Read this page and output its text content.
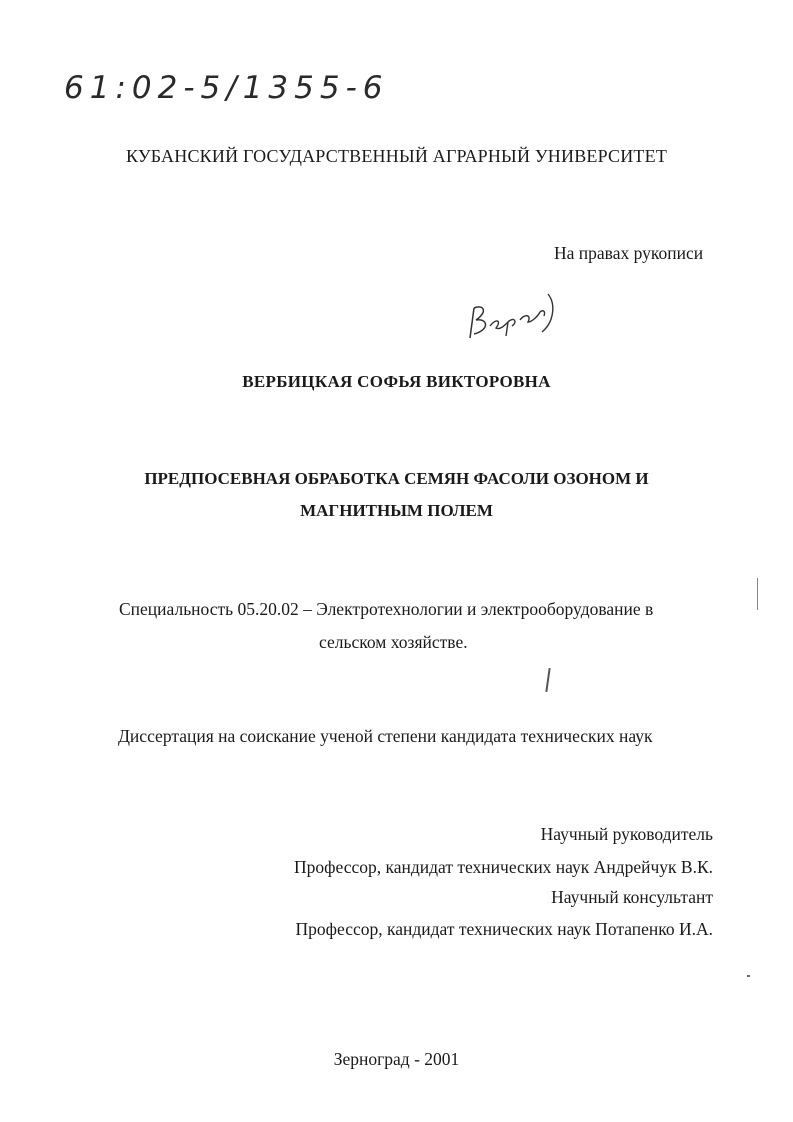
61:02-5/1355-6
КУБАНСКИЙ ГОСУДАРСТВЕННЫЙ АГРАРНЫЙ УНИВЕРСИТЕТ
На правах рукописи
ВЕРБИЦКАЯ СОФЬЯ ВИКТОРОВНА
ПРЕДПОСЕВНАЯ ОБРАБОТКА СЕМЯН ФАСОЛИ ОЗОНОМ И
МАГНИТНЫМ ПОЛЕМ
Специальность 05.20.02 – Электротехнологии и электрооборудование в
сельском хозяйстве.
Диссертация на соискание ученой степени кандидата технических наук
Научный руководитель
Профессор, кандидат технических наук Андрейчук В.К.
Научный консультант
Профессор, кандидат технических наук Потапенко И.А.
Зерноград - 2001
